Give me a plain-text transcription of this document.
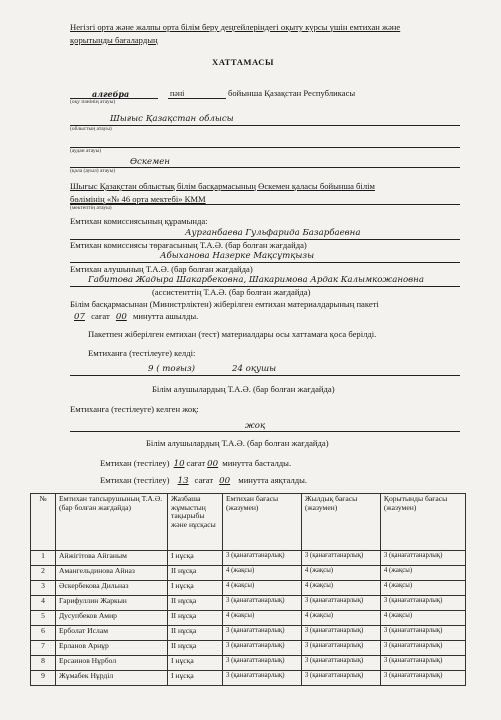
Негізгі орта және жалпы орта білім беру деңгейлеріндегі оқыту курсы үшін емтихан және
қорытынды бағалардың
ХАТТАМАСЫ
алгебра	пәні	бойынша Қазақстан Республикасы
(оқу пәнінің атауы)
Шығыс Қазақстан облысы
(облыстың атауы)
(аудан атауы)
Өскемен
(қала (ауыл) атауы)
Шығыс Қазақстан облыстық білім басқармасының Өскемен қаласы бойынша білім
бөлімінің «№ 46 орта мектебі» КММ
(мектептің атауы)
Емтихан комиссиясының құрамында:
Аурганбаева Гульфарида Базарбаевна
Емтихан комиссиясы төрағасының Т.А.Ә. (бар болған жағдайда)
Абыханова Назерке Мақсұтқызы
Емтихан алушының Т.А.Ә. (бар болған жағдайда)
Габитова Жадыра Шакарбековна, Шакаримова Ардак Калымкожановна
(ассистенттің Т.А.Ә. (бар болған жағдайда)
Білім басқармасынан (Министрліктен) жіберілген емтихан материалдарының пакеті
07 сағат 00 минутта ашылды.
Пакетпен жіберілген емтихан (тест) материалдары осы хаттамаға қоса берілді.
Емтиханға (тестілеуге) келді:
9 ( тоғыз)	24 оқушы
Білім алушылардың Т.А.Ә. (бар болған жағдайда)
Емтиханға (тестілеуге) келген жоқ:
жоқ
Білім алушылардың Т.А.Ә. (бар болған жағдайда)
Емтихан (тестілеу) 10 сағат 00 минутта басталды.
Емтихан (тестілеу) 13 сағат 00 минутта аяқталды.
№	Емтихан тапсырушының Т.А.Ә. (бар болған жағдайда)	Жазбаша жұмыстың тақырыбы және нұсқасы	Емтихан бағасы (жазумен)	Жылдық бағасы (жазумен)	Қорытынды бағасы (жазумен)
1	Айжігітова Айганым	I нұсқа	3 (қанағаттанарлық)	3 (қанағаттанарлық)	3 (қанағаттанарлық)
2	Амангельдинова Айназ	II нұсқа	4 (жақсы)	4 (жақсы)	4 (жақсы)
3	Әскербекова Дильназ	I нұсқа	4 (жақсы)	4 (жақсы)	4 (жақсы)
4	Гарифуллин Жаркын	II нұсқа	3 (қанағаттанарлық)	3 (қанағаттанарлық)	3 (қанағаттанарлық)
5	Дусупбеков Амир	II нұсқа	4 (жақсы)	4 (жақсы)	4 (жақсы)
6	Ерболат Ислам	II нұсқа	3 (қанағаттанарлық)	3 (қанағаттанарлық)	3 (қанағаттанарлық)
7	Ерланов Арнұр	II нұсқа	3 (қанағаттанарлық)	3 (қанағаттанарлық)	3 (қанағаттанарлық)
8	Ерсаинов Нұрбол	I нұсқа	3 (қанағаттанарлық)	3 (қанағаттанарлық)	3 (қанағаттанарлық)
9	Жұмабек Нұрділ	I нұсқа	3 (қанағаттанарлық)	3 (қанағаттанарлық)	3 (қанағаттанарлық)
